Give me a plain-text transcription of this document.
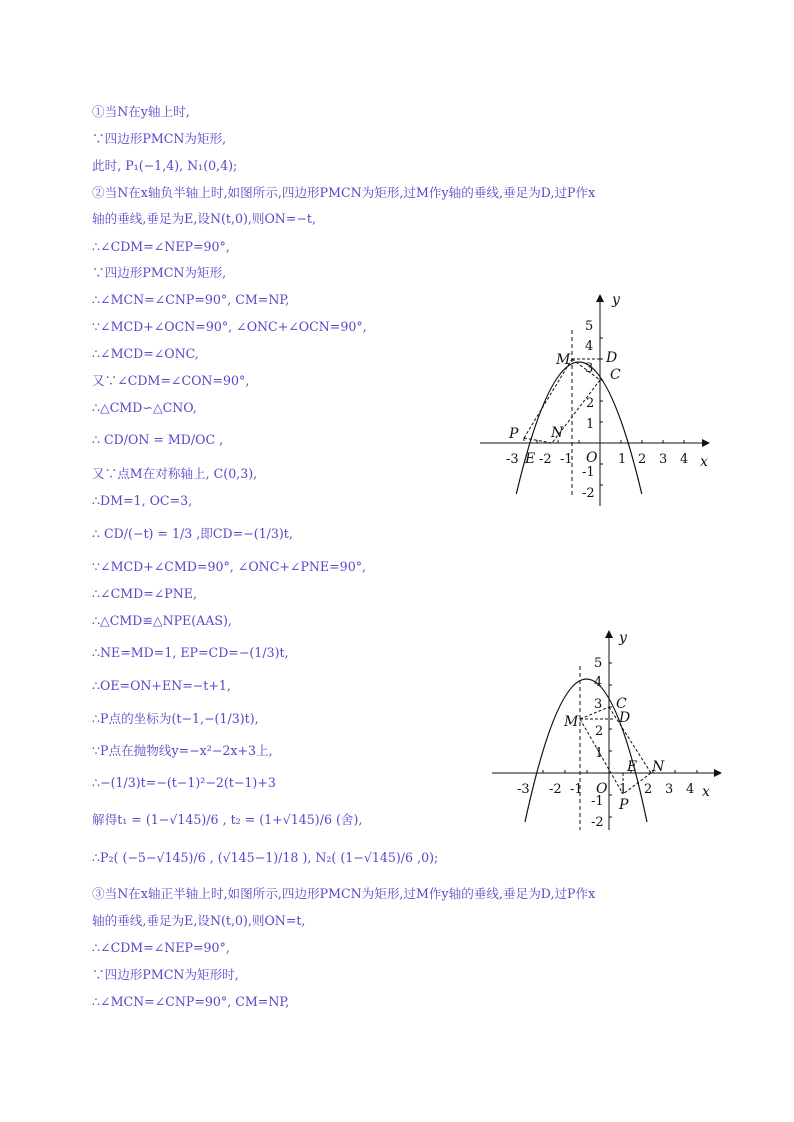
①当N在y轴上时,
∵四边形PMCN为矩形,
此时, P₁(−1,4), N₁(0,4);
②当N在x轴负半轴上时,如图所示,四边形PMCN为矩形,过M作y轴的垂线,垂足为D,过P作x
轴的垂线,垂足为E,设N(t,0),则ON=−t,
∴∠CDM=∠NEP=90°,
∵四边形PMCN为矩形,
∴∠MCN=∠CNP=90°, CM=NP,
∵∠MCD+∠OCN=90°, ∠ONC+∠OCN=90°,
∴∠MCD=∠ONC,
又∵∠CDM=∠CON=90°,
∴△CMD∽△CNO,
∴ CD/ON = MD/OC ,
又∵点M在对称轴上, C(0,3),
∴DM=1, OC=3,
∴ CD/(−t) = 1/3 ,即CD=−(1/3)t,
∵∠MCD+∠CMD=90°, ∠ONC+∠PNE=90°,
∴∠CMD=∠PNE,
∴△CMD≌△NPE(AAS),
∴NE=MD=1, EP=CD=−(1/3)t,
∴OE=ON+EN=−t+1,
∴P点的坐标为(t−1,−(1/3)t),
∵P点在抛物线y=−x²−2x+3上,
∴−(1/3)t=−(t−1)²−2(t−1)+3
解得t₁ = (1−√145)/6 , t₂ = (1+√145)/6 (舍),
∴P₂( (−5−√145)/6 , (√145−1)/18 ), N₂( (1−√145)/6 ,0);
③当N在x轴正半轴上时,如图所示,四边形PMCN为矩形,过M作y轴的垂线,垂足为D,过P作x
轴的垂线,垂足为E,设N(t,0),则ON=t,
∴∠CDM=∠NEP=90°,
∵四边形PMCN为矩形时,
∴∠MCN=∠CNP=90°, CM=NP,
-3 -2 -1	1 2 3 4
5
4
3
2
1
-1
-2
O	x
y
M	D
C
P N
E
-3 -2 -1	1 2 3 4
5
4
3
2
1
-1
-2
O	x
y
C
M	D
E N
P
